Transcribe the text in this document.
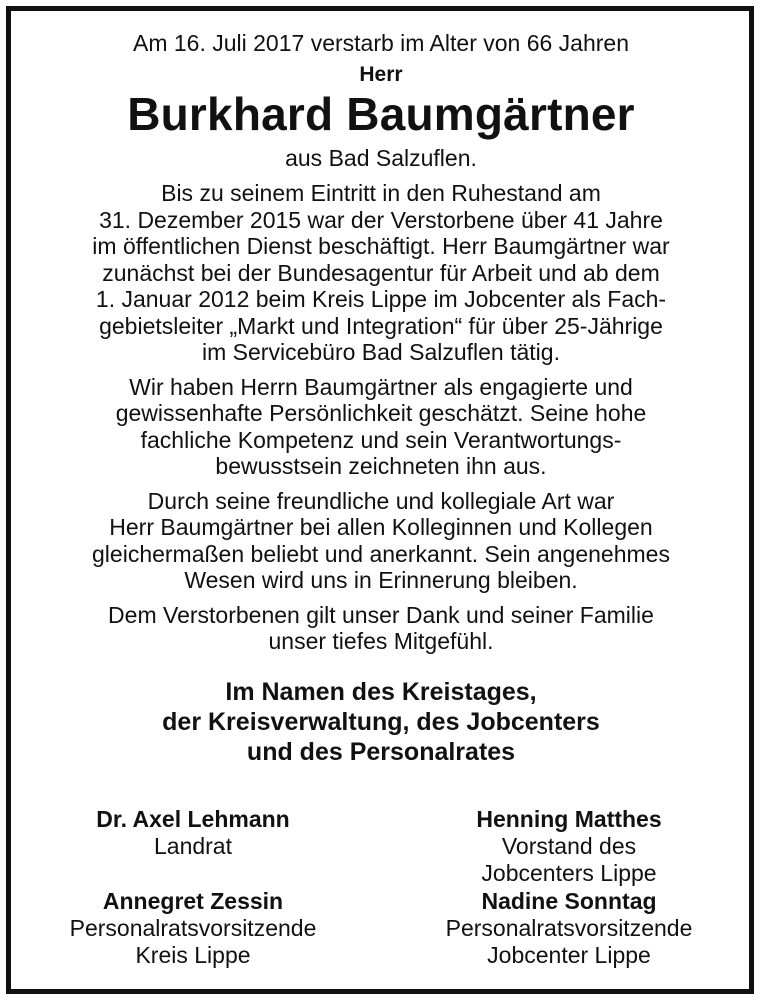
Am 16. Juli 2017 verstarb im Alter von 66 Jahren

Herr

Burkhard Baumgärtner

aus Bad Salzuflen.

Bis zu seinem Eintritt in den Ruhestand am
31. Dezember 2015 war der Verstorbene über 41 Jahre
im öffentlichen Dienst beschäftigt. Herr Baumgärtner war
zunächst bei der Bundesagentur für Arbeit und ab dem
1. Januar 2012 beim Kreis Lippe im Jobcenter als Fach-
gebietsleiter „Markt und Integration“ für über 25-Jährige
im Servicebüro Bad Salzuflen tätig.
Wir haben Herrn Baumgärtner als engagierte und
gewissenhafte Persönlichkeit geschätzt. Seine hohe
fachliche Kompetenz und sein Verantwortungs-
bewusstsein zeichneten ihn aus.
Durch seine freundliche und kollegiale Art war
Herr Baumgärtner bei allen Kolleginnen und Kollegen
gleichermaßen beliebt und anerkannt. Sein angenehmes
Wesen wird uns in Erinnerung bleiben.
Dem Verstorbenen gilt unser Dank und seiner Familie
unser tiefes Mitgefühl.
Im Namen des Kreistages,
der Kreisverwaltung, des Jobcenters
und des Personalrates
Dr. Axel Lehmann
Landrat
Henning Matthes
Vorstand des
Jobcenters Lippe
Annegret Zessin
Personalratsvorsitzende
Kreis Lippe
Nadine Sonntag
Personalratsvorsitzende
Jobcenter Lippe
